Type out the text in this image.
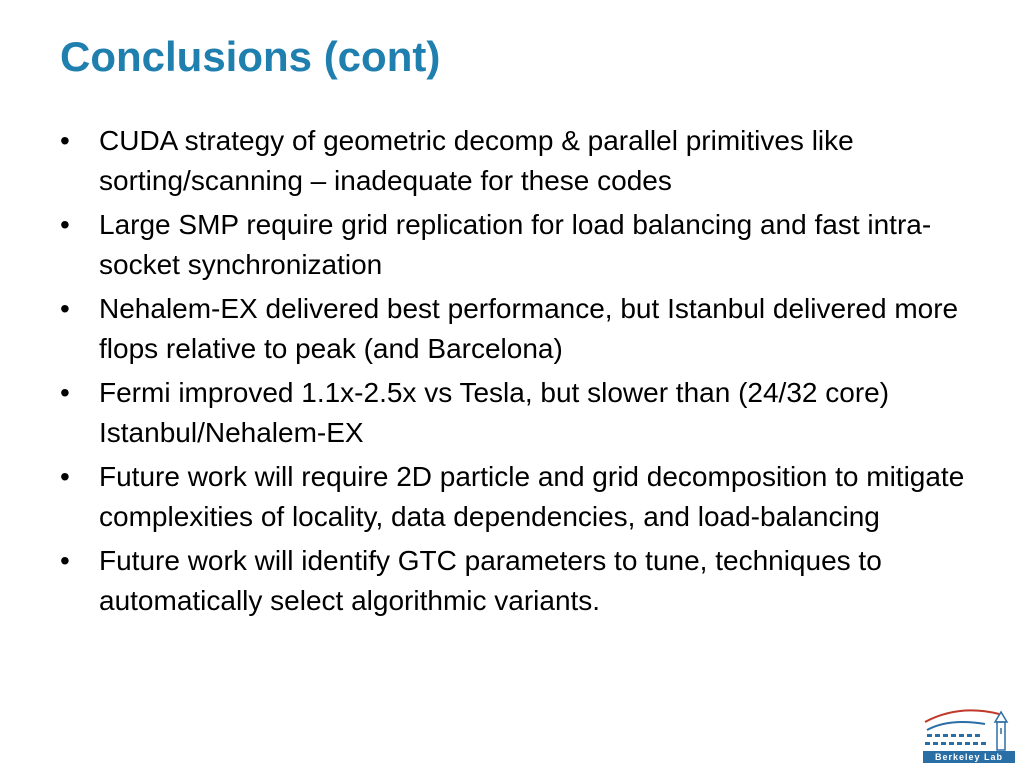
Conclusions (cont)
•	CUDA strategy of geometric decomp & parallel primitives like sorting/scanning – inadequate for these codes
•	Large SMP require grid replication for load balancing and fast intra-socket synchronization
•	Nehalem-EX delivered best performance, but Istanbul delivered more flops relative to peak (and Barcelona)
•	Fermi improved 1.1x-2.5x vs Tesla, but slower than (24/32 core) Istanbul/Nehalem-EX
•	Future work will require 2D particle and grid decomposition to mitigate complexities of locality, data dependencies, and load-balancing
•	Future work will identify GTC parameters to tune, techniques to automatically select algorithmic variants.
Berkeley Lab
